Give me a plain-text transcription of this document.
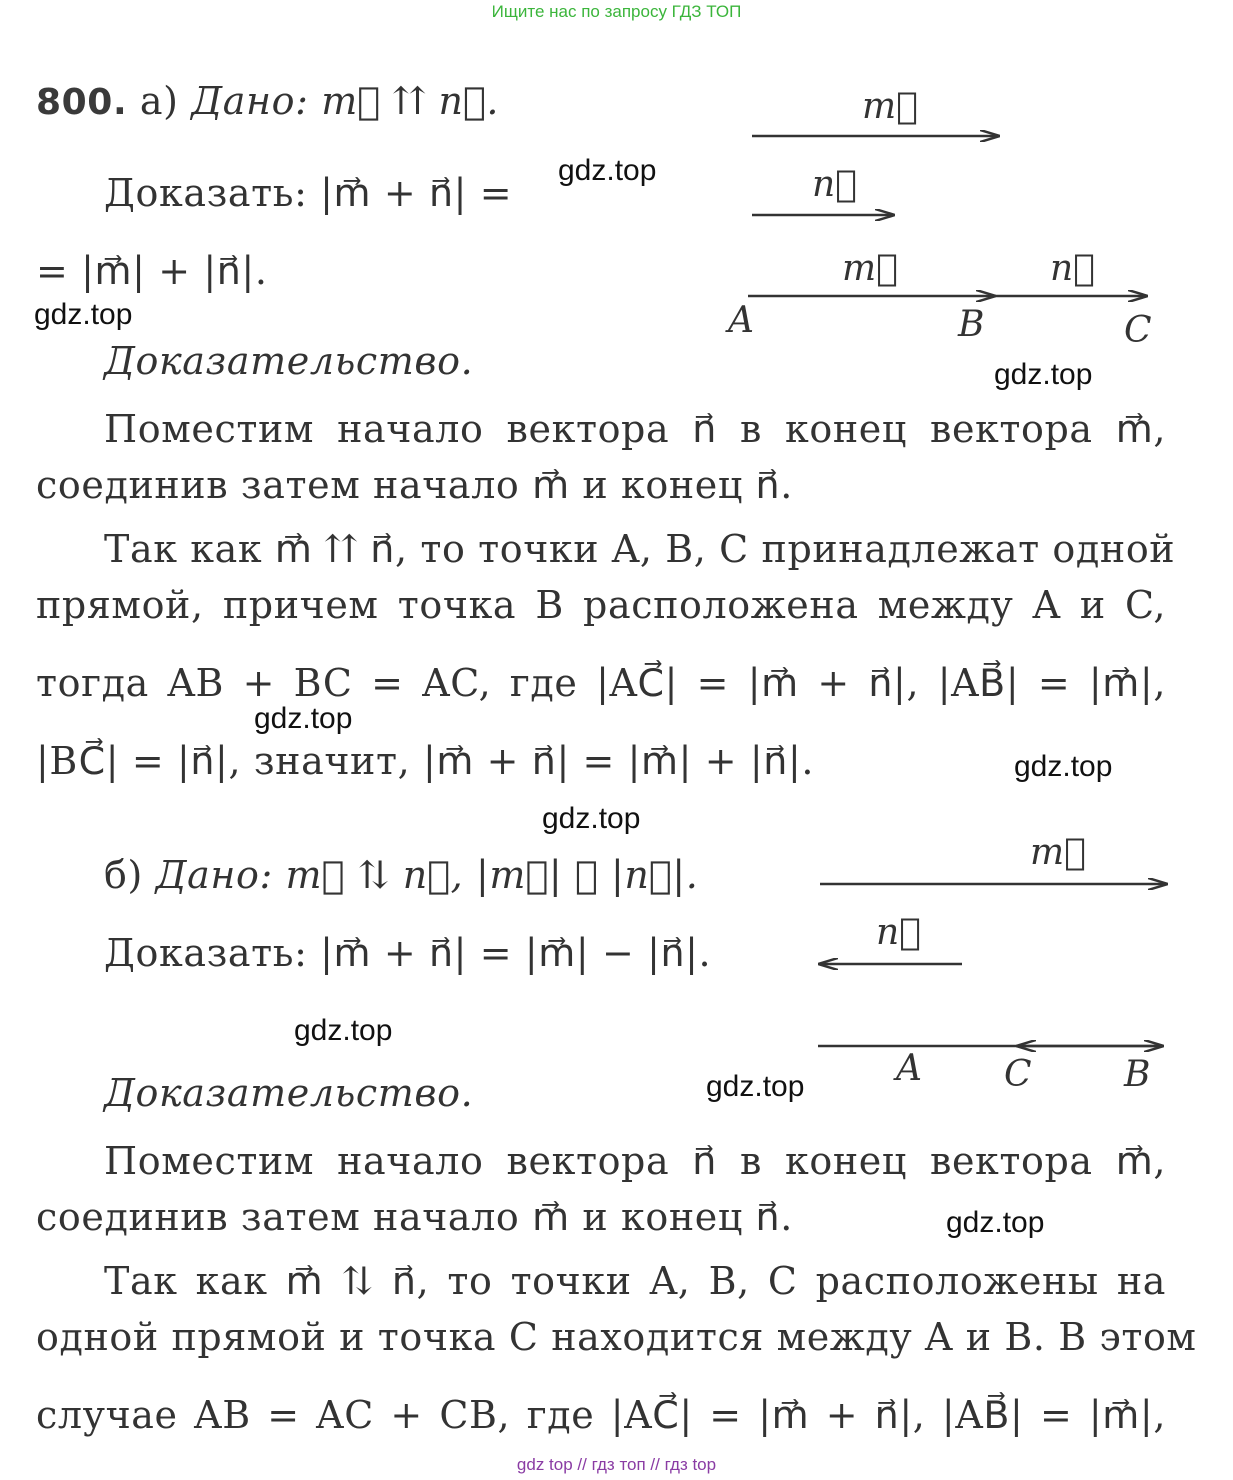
Ищите нас по запросу ГДЗ ТОП
800. а) Дано: m⃗ ⇈ n⃗.
Доказать: |m⃗ + n⃗| =
= |m⃗| + |n⃗|.
Доказательство.
Поместим начало вектора n⃗ в конец вектора m⃗,
соединив затем начало m⃗ и конец n⃗.
Так как m⃗ ⇈ n⃗, то точки A, B, C принадлежат одной
прямой, причем точка B расположена между A и C,
тогда AB + BC = AC, где |AC⃗| = |m⃗ + n⃗|, |AB⃗| = |m⃗|,
|BC⃗| = |n⃗|, значит, |m⃗ + n⃗| = |m⃗| + |n⃗|.
б) Дано: m⃗ ⇅ n⃗, |m⃗| ⩾ |n⃗|.
Доказать: |m⃗ + n⃗| = |m⃗| − |n⃗|.
Доказательство.
Поместим начало вектора n⃗ в конец вектора m⃗,
соединив затем начало m⃗ и конец n⃗.
Так как m⃗ ⇅ n⃗, то точки A, B, C расположены на
одной прямой и точка C находится между A и B. В этом
случае AB = AC + CB, где |AC⃗| = |m⃗ + n⃗|, |AB⃗| = |m⃗|,
m⃗
n⃗
m⃗	n⃗
A	B	C
m⃗
n⃗
A C	B
gdz.top
gdz.top
gdz.top
gdz.top
gdz.top
gdz.top
gdz.top
gdz.top
gdz.top
gdz top // гдз топ // гдз top
